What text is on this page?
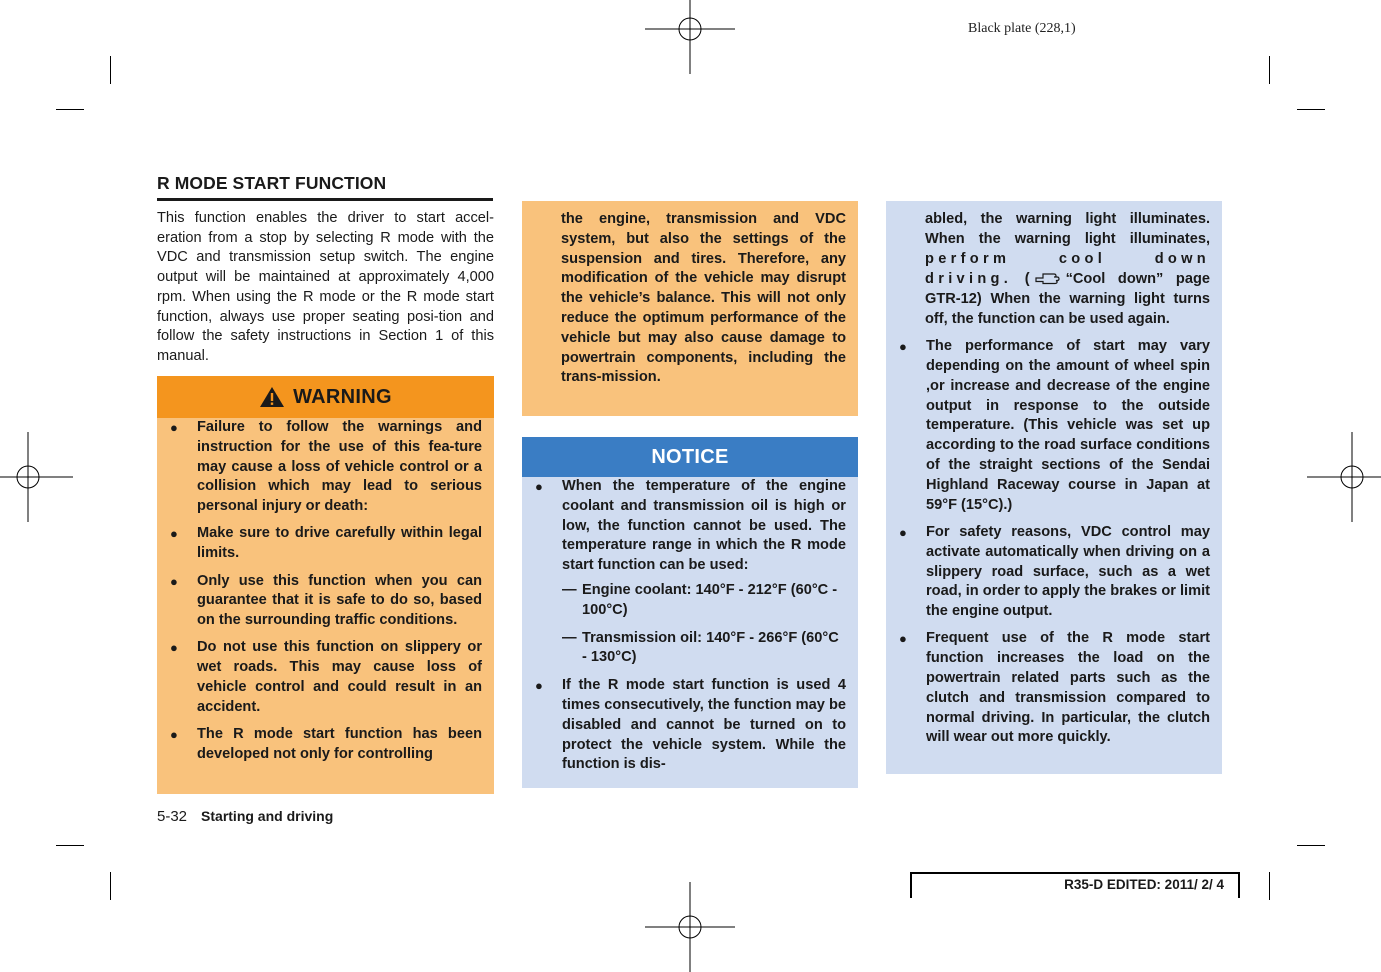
Black plate (228,1)
R MODE START FUNCTION
This function enables the driver to start accel-eration from a stop by selecting R mode with the VDC and transmission setup switch. The engine output will be maintained at approximately 4,000 rpm. When using the R mode or the R mode start function, always use proper seating posi-tion and follow the safety instructions in Section 1 of this manual.
WARNING
● Failure to follow the warnings and instruction for the use of this fea-ture may cause a loss of vehicle control or a collision which may lead to serious personal injury or death:
● Make sure to drive carefully within legal limits.
● Only use this function when you can guarantee that it is safe to do so, based on the surrounding traffic conditions.
● Do not use this function on slippery or wet roads. This may cause loss of vehicle control and could result in an accident.
● The R mode start function has been developed not only for controlling
the engine, transmission and VDC system, but also the settings of the suspension and tires. Therefore, any modification of the vehicle may disrupt the vehicle’s balance. This will not only reduce the optimum performance of the vehicle but may also cause damage to powertrain components, including the trans-mission.
NOTICE
● When the temperature of the engine coolant and transmission oil is high or low, the function cannot be used. The temperature range in which the R mode start function can be used:
— Engine coolant: 140°F - 212°F (60°C - 100°C)
— Transmission oil: 140°F - 266°F (60°C - 130°C)
● If the R mode start function is used 4 times consecutively, the function may be disabled and cannot be turned on to protect the vehicle system. While the function is dis-
abled, the warning light illuminates. When the warning light illuminates, perform cool down driving. ( “Cool down” page GTR-12) When the warning light turns off, the function can be used again.
● The performance of start may vary depending on the amount of wheel spin ,or increase and decrease of the engine output in response to the outside temperature. (This vehicle was set up according to the road surface conditions of the straight sections of the Sendai Highland Raceway course in Japan at 59°F (15°C).)
● For safety reasons, VDC control may activate automatically when driving on a slippery road surface, such as a wet road, in order to apply the brakes or limit the engine output.
● Frequent use of the R mode start function increases the load on the powertrain related parts such as the clutch and transmission compared to normal driving. In particular, the clutch will wear out more quickly.
5-32 Starting and driving
R35-D EDITED: 2011/ 2/ 4
